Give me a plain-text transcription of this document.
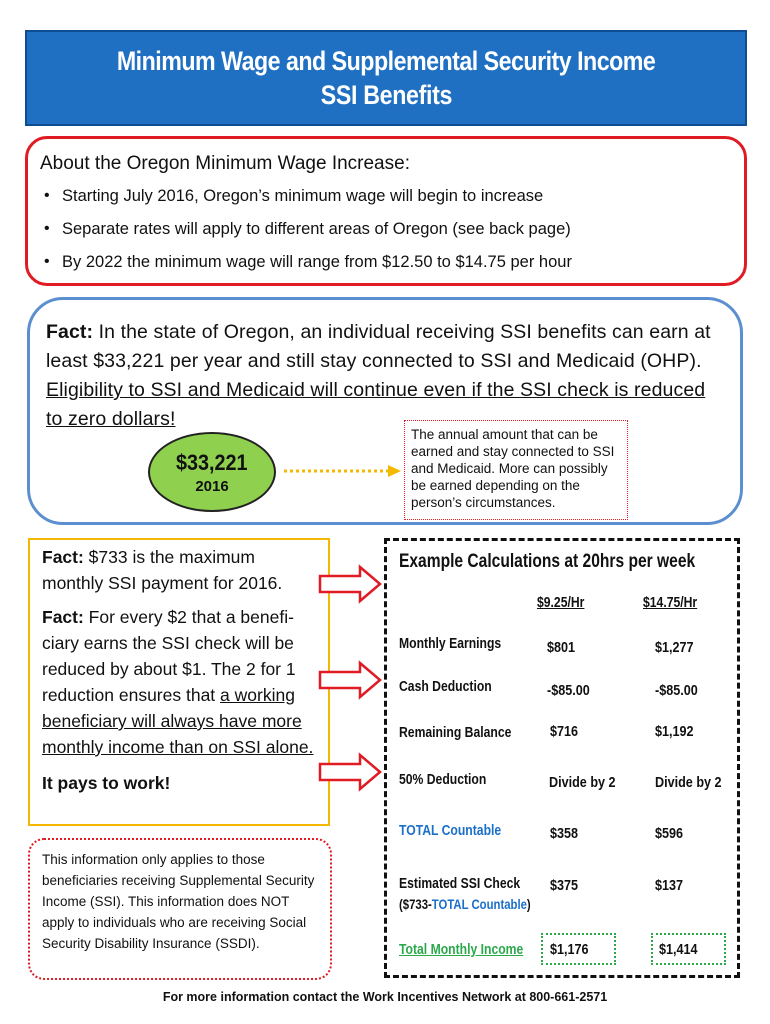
Minimum Wage and Supplemental Security Income
SSI Benefits
About the Oregon Minimum Wage Increase:
• Starting July 2016, Oregon’s minimum wage will begin to increase
• Separate rates will apply to different areas of Oregon (see back page)
• By 2022 the minimum wage will range from $12.50 to $14.75 per hour

Fact: In the state of Oregon, an individual receiving SSI benefits can earn at least $33,221 per year and still stay connected to SSI and Medicaid (OHP). Eligibility to SSI and Medicaid will continue even if the SSI check is reduced to zero dollars!

$33,221
2016
The annual amount that can be earned and stay connected to SSI and Medicaid. More can possibly be earned depending on the person’s circumstances.

Fact: $733 is the maximum monthly SSI payment for 2016.

Fact: For every $2 that a benefi-ciary earns the SSI check will be reduced by about $1. The 2 for 1 reduction ensures that a working beneficiary will always have more monthly income than on SSI alone.

It pays to work!

This information only applies to those beneficiaries receiving Supplemental Security Income (SSI). This information does NOT apply to individuals who are receiving Social Security Disability Insurance (SSDI).
Example Calculations at 20hrs per week
$9.25/Hr	$14.75/Hr
Monthly Earnings	$801	$1,277
Cash Deduction	-$85.00	-$85.00
Remaining Balance	$716	$1,192
50% Deduction	Divide by 2	Divide by 2
TOTAL Countable	$358	$596
Estimated SSI Check
($733-TOTAL Countable)
$375	$137
Total Monthly Income $1,176	$1,414
For more information contact the Work Incentives Network at 800-661-2571
